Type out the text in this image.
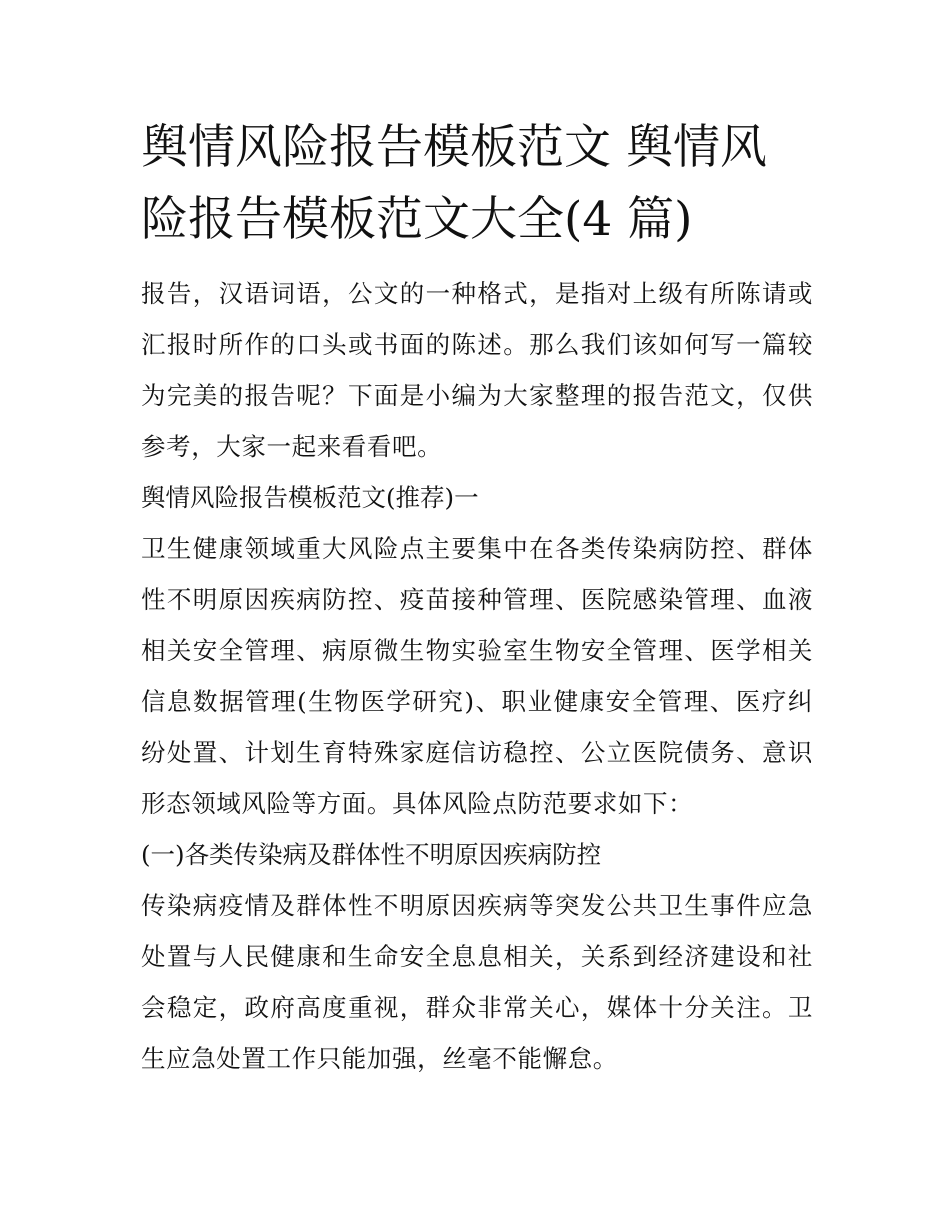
舆情风险报告模板范文 舆情风险报告模板范文大全(4 篇)

报告，汉语词语，公文的一种格式，是指对上级有所陈请或汇报时所作的口头或书面的陈述。那么我们该如何写一篇较为完美的报告呢？下面是小编为大家整理的报告范文，仅供参考，大家一起来看看吧。

舆情风险报告模板范文(推荐)一

卫生健康领域重大风险点主要集中在各类传染病防控、群体性不明原因疾病防控、疫苗接种管理、医院感染管理、血液相关安全管理、病原微生物实验室生物安全管理、医学相关信息数据管理(生物医学研究)、职业健康安全管理、医疗纠纷处置、计划生育特殊家庭信访稳控、公立医院债务、意识形态领域风险等方面。具体风险点防范要求如下：

(一)各类传染病及群体性不明原因疾病防控

传染病疫情及群体性不明原因疾病等突发公共卫生事件应急处置与人民健康和生命安全息息相关，关系到经济建设和社会稳定，政府高度重视，群众非常关心，媒体十分关注。卫生应急处置工作只能加强，丝毫不能懈怠。
